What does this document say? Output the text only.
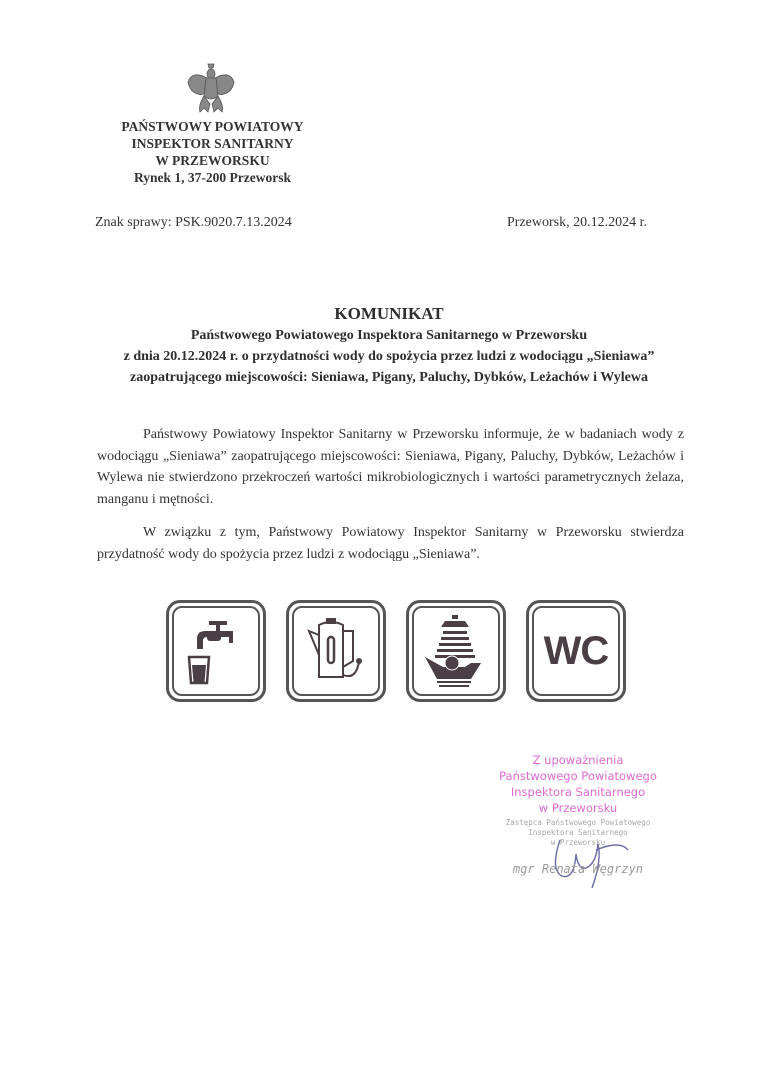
PAŃSTWOWY POWIATOWY
INSPEKTOR SANITARNY
W PRZEWORSKU
Rynek 1, 37-200 Przeworsk
Znak sprawy: PSK.9020.7.13.2024	Przeworsk, 20.12.2024 r.
KOMUNIKAT
Państwowego Powiatowego Inspektora Sanitarnego w Przeworsku
z dnia 20.12.2024 r. o przydatności wody do spożycia przez ludzi z wodociągu „Sieniawa”
zaopatrującego miejscowości: Sieniawa, Pigany, Paluchy, Dybków, Leżachów i Wylewa

Państwowy Powiatowy Inspektor Sanitarny w Przeworsku informuje, że w badaniach wody z wodociągu „Sieniawa” zaopatrującego miejscowości: Sieniawa, Pigany, Paluchy, Dybków, Leżachów i Wylewa nie stwierdzono przekroczeń wartości mikrobiologicznych i wartości parametrycznych żelaza, manganu i mętności.

W związku z tym, Państwowy Powiatowy Inspektor Sanitarny w Przeworsku stwierdza przydatność wody do spożycia przez ludzi z wodociągu „Sieniawa”.

WC
Z upoważnienia
Państwowego Powiatowego
Inspektora Sanitarnego
w Przeworsku
Zastępca Państwowego Powiatowego
Inspektora Sanitarnego
w Przeworsku
mgr Renata Węgrzyn
